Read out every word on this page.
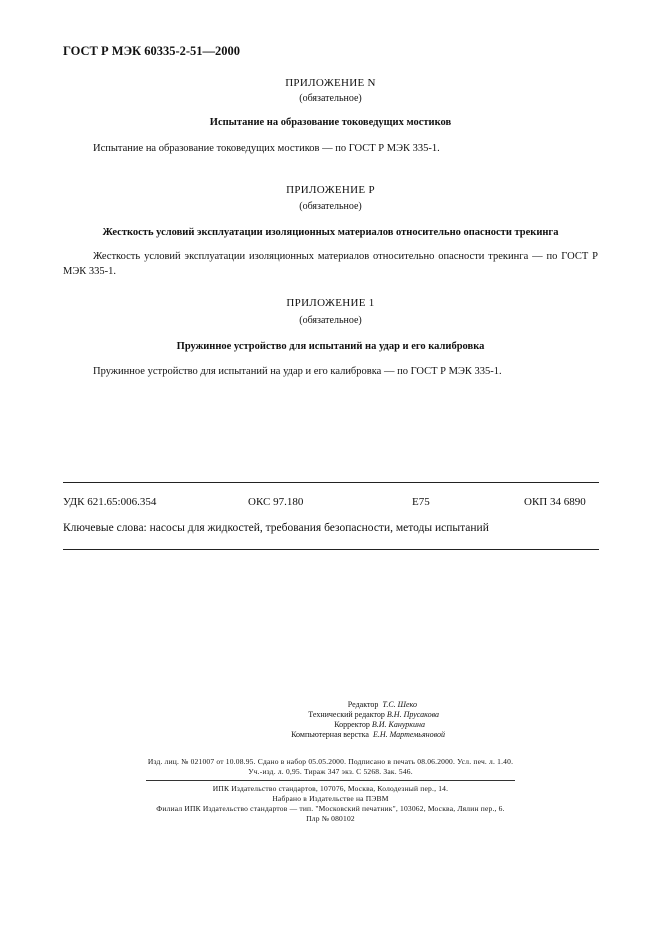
ГОСТ Р МЭК 60335-2-51—2000
ПРИЛОЖЕНИЕ N
(обязательное)
Испытание на образование токоведущих мостиков
Испытание на образование токоведущих мостиков — по ГОСТ Р МЭК 335-1.
ПРИЛОЖЕНИЕ P
(обязательное)
Жесткость условий эксплуатации изоляционных материалов относительно опасности трекинга
Жесткость условий эксплуатации изоляционных материалов относительно опасности трекинга — по ГОСТ Р МЭК 335-1.
ПРИЛОЖЕНИЕ 1
(обязательное)
Пружинное устройство для испытаний на удар и его калибровка
Пружинное устройство для испытаний на удар и его калибровка — по ГОСТ Р МЭК 335-1.
УДК 621.65:006.354	ОКС 97.180	Е75	ОКП 34 6890
Ключевые слова: насосы для жидкостей, требования безопасности, методы испытаний
Редактор Т.С. Шеко
Технический редактор В.Н. Прусакова
Корректор В.И. Кануркина
Компьютерная верстка Е.Н. Мартемьяновой
Изд. лиц. № 021007 от 10.08.95. Сдано в набор 05.05.2000. Подписано в печать 08.06.2000. Усл. печ. л. 1.40.
Уч.-изд. л. 0,95. Тираж 347 экз. С 5268. Зак. 546.
ИПК Издательство стандартов, 107076, Москва, Колодезный пер., 14.
Набрано в Издательстве на ПЭВМ
Филиал ИПК Издательство стандартов — тип. "Московский печатник", 103062, Москва, Лялин пер., 6.
Плр № 080102
